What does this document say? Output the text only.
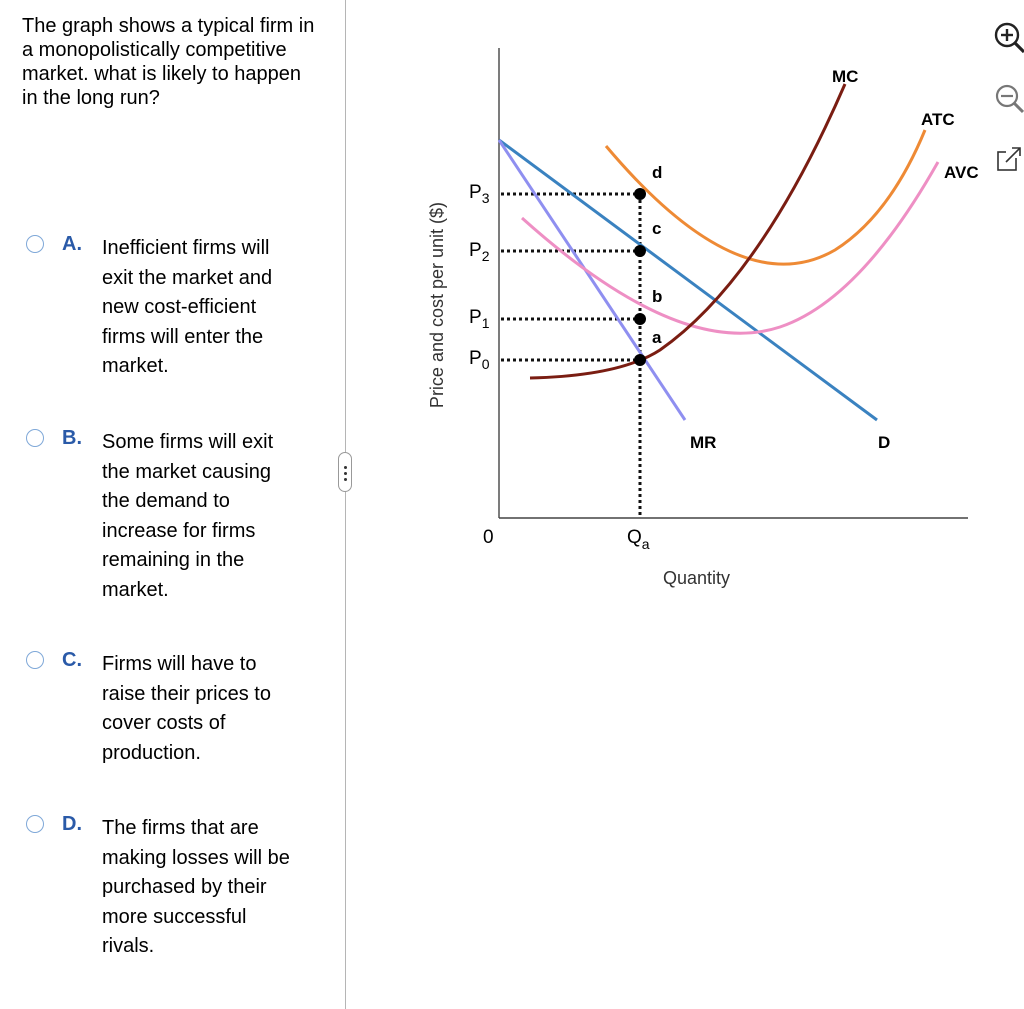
The graph shows a typical firm in a monopolistically competitive market. what is likely to happen in the long run?

A. Inefficient firms will exit the market and new cost-efficient firms will enter the market.
B. Some firms will exit the market causing the demand to increase for firms remaining in the market.
C. Firms will have to raise their prices to cover costs of production.
D. The firms that are making losses will be purchased by their more successful rivals.
d
c
b
a
$P_3$
$P_2$
$P_1$
$P_0$
0	$Q_a$
MC
ATC
AVC
MR	D
Quantity
Price and cost per unit ($)
